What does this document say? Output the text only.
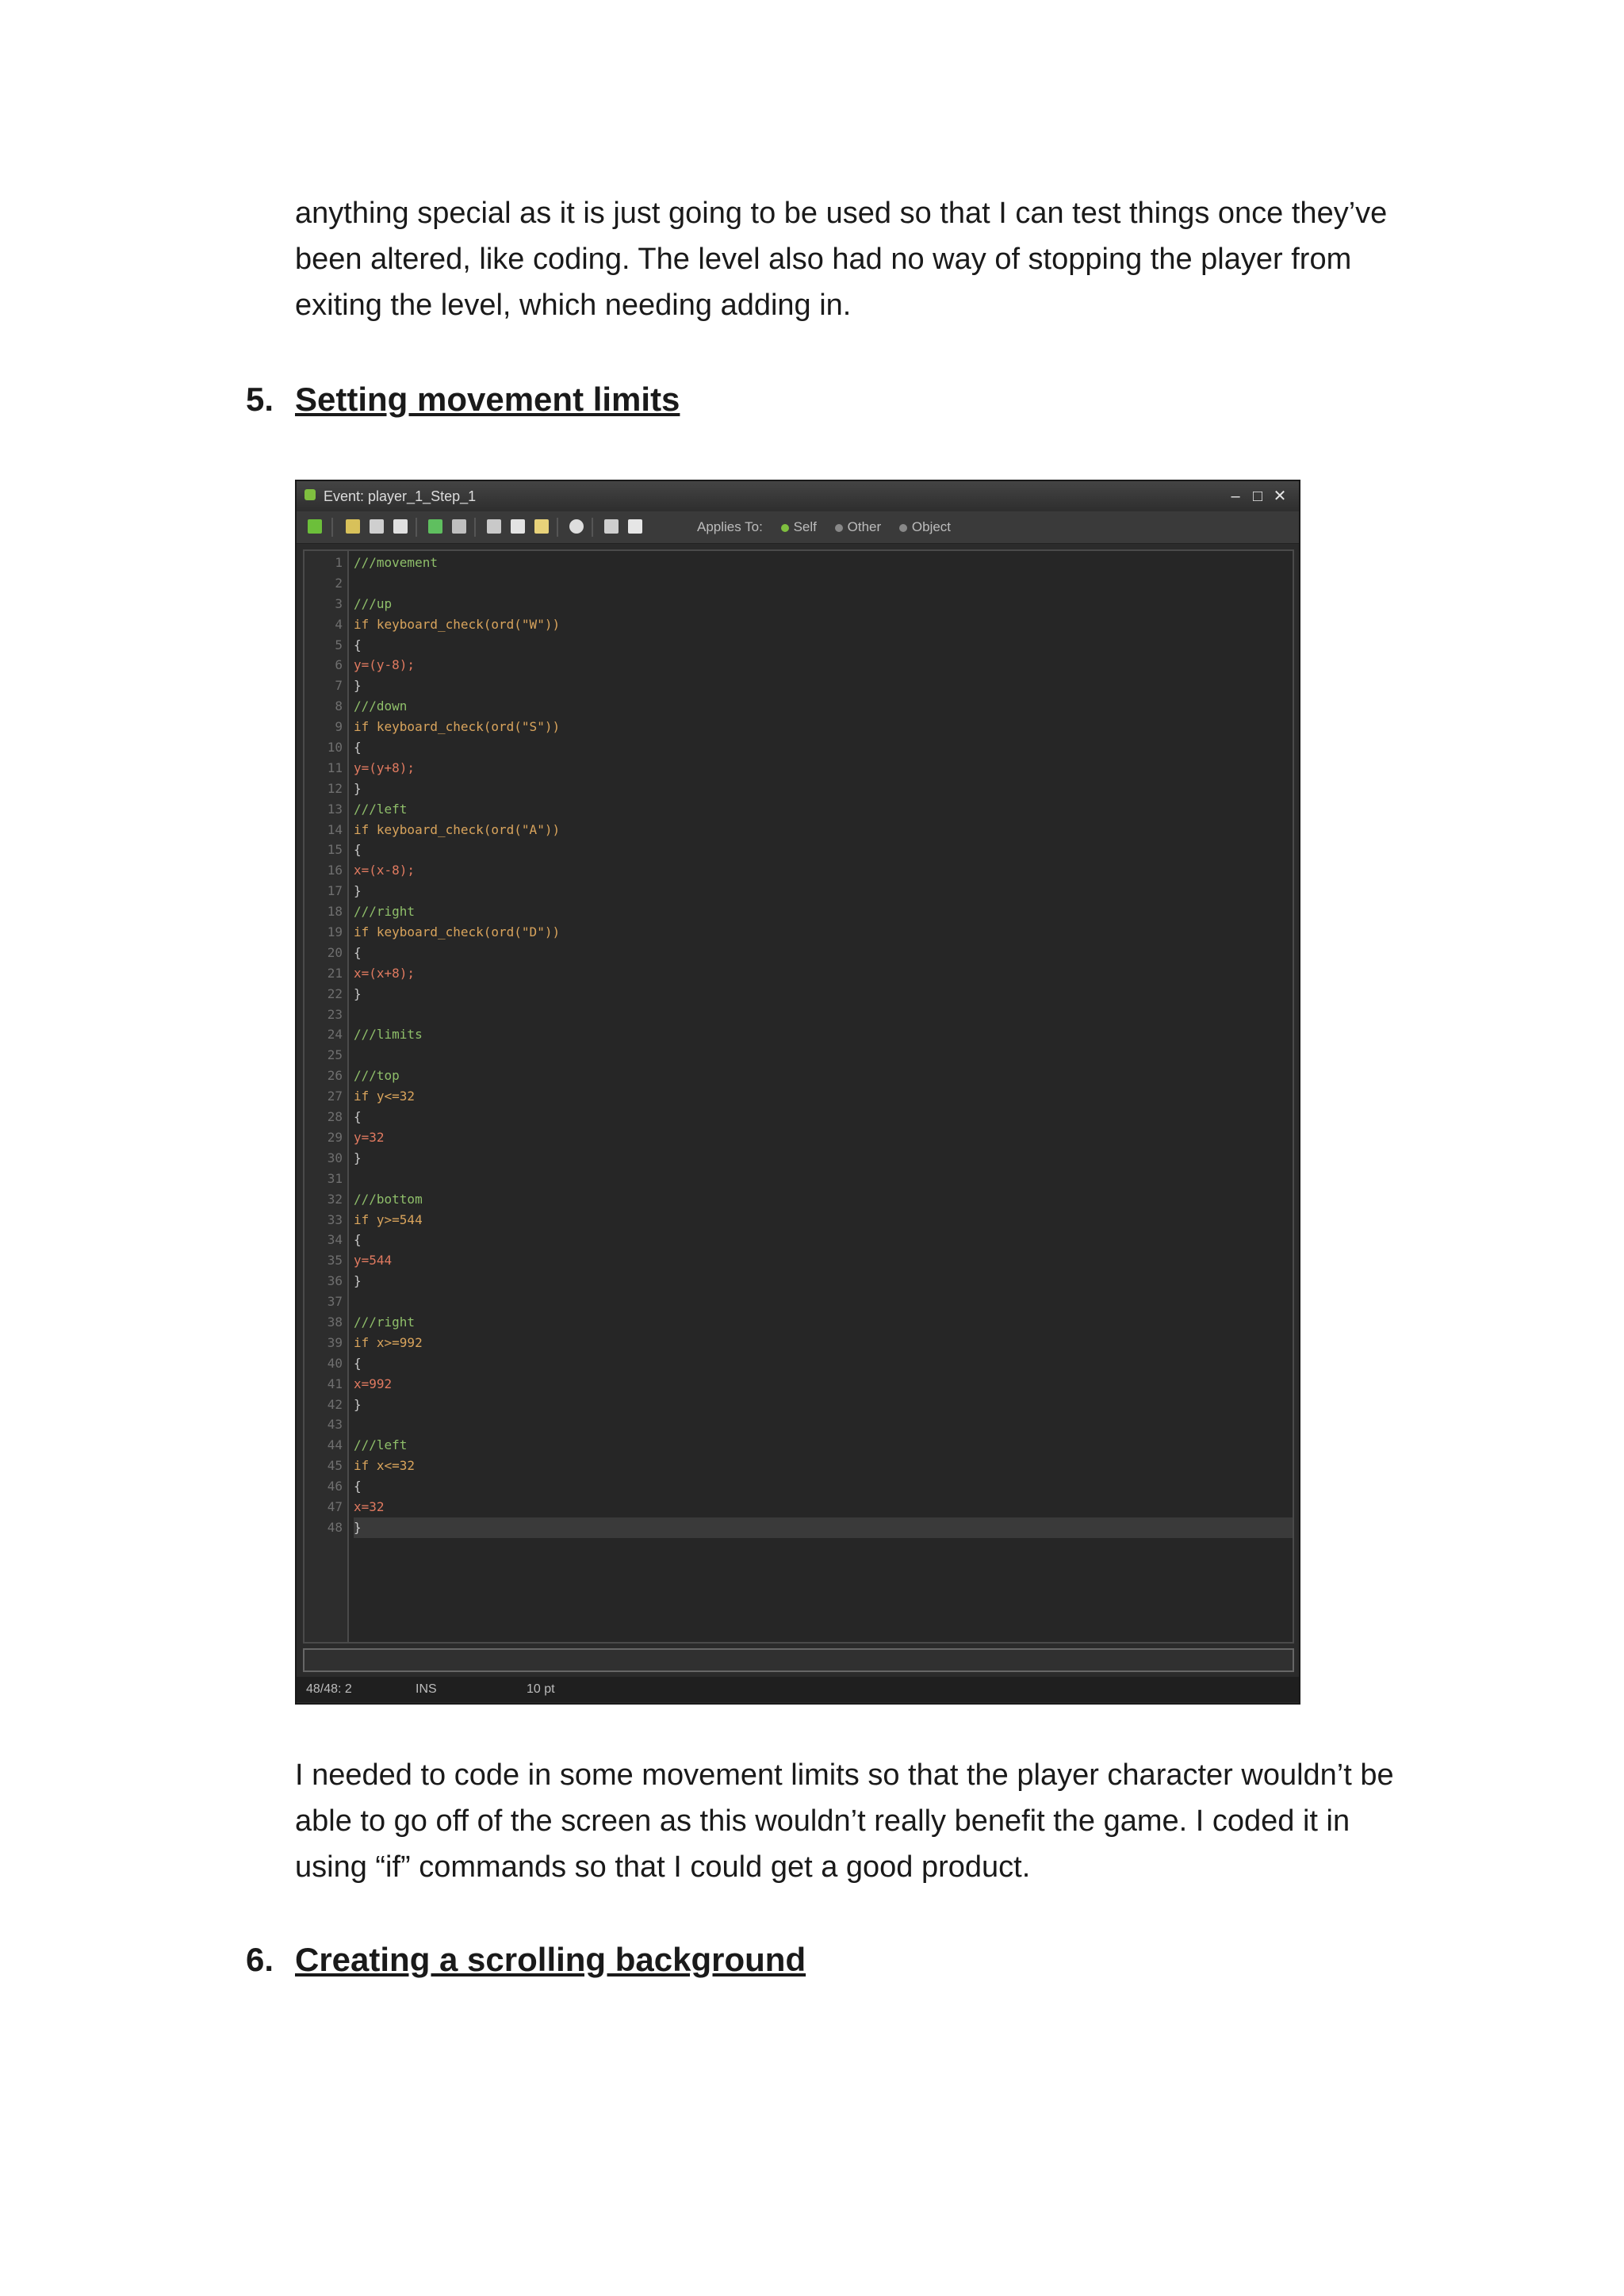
anything special as it is just going to be used so that I can test things once they’ve
been altered, like coding. The level also had no way of stopping the player from
exiting the level, which needing adding in.
5. Setting movement limits
Event: player_1_Step_1	– □ ✕
Applies To: Self Other Object
1
2
3
4
5
6
7
8
9
10
11
12
13
14
15
16
17
18
19
20
21
22
23
24
25
26
27
28
29
30
31
32
33
34
35
36
37
38
39
40
41
42
43
44
45
46
47
48
///movement
///up
if keyboard_check(ord("W"))
{
y=(y-8);
}
///down
if keyboard_check(ord("S"))
{
y=(y+8);
}
///left
if keyboard_check(ord("A"))
{
x=(x-8);
}
///right
if keyboard_check(ord("D"))
{
x=(x+8);
}
///limits
///top
if y<=32
{
y=32
}
///bottom
if y>=544
{
y=544
}
///right
if x>=992
{
x=992
}
///left
if x<=32
{
x=32
}
48/48: 2	INS	10 pt
I needed to code in some movement limits so that the player character wouldn’t be
able to go off of the screen as this wouldn’t really benefit the game. I coded it in
using “if” commands so that I could get a good product.
6. Creating a scrolling background
